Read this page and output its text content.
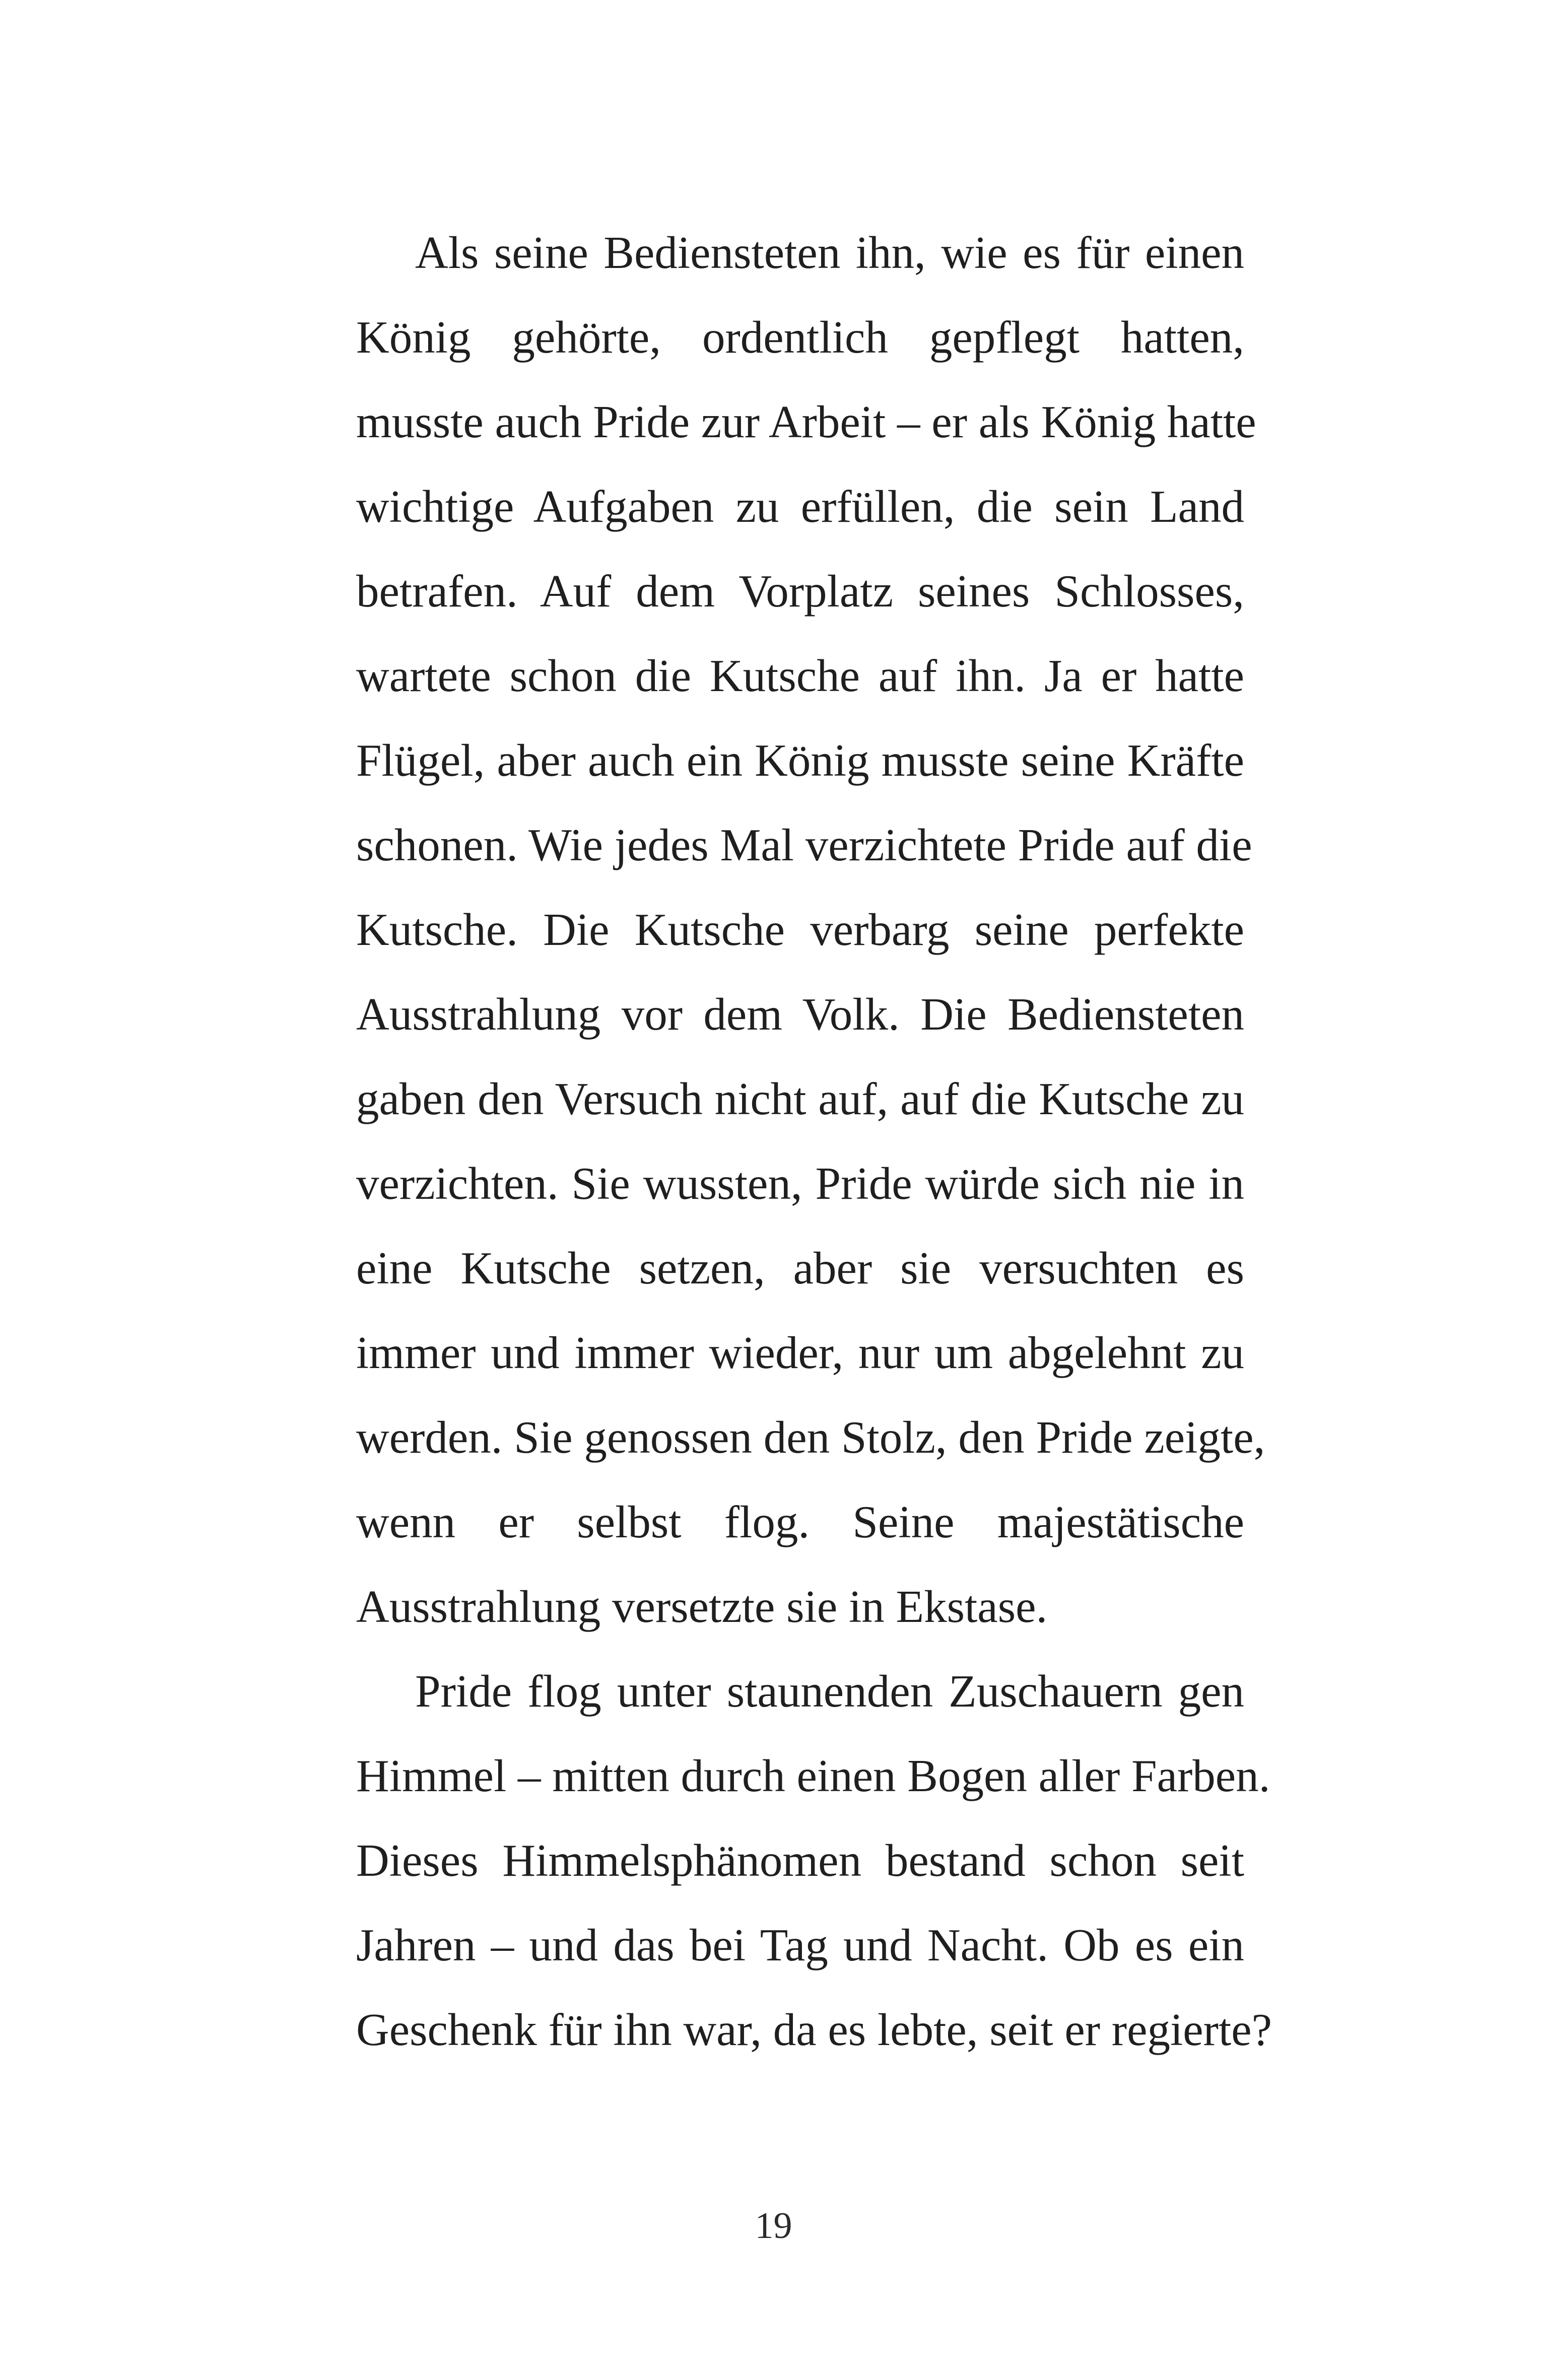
Als seine Bediensteten ihn, wie es für einen
König gehörte, ordentlich gepflegt hatten,
musste auch Pride zur Arbeit – er als König hatte
wichtige Aufgaben zu erfüllen, die sein Land
betrafen. Auf dem Vorplatz seines Schlosses,
wartete schon die Kutsche auf ihn. Ja er hatte
Flügel, aber auch ein König musste seine Kräfte
schonen. Wie jedes Mal verzichtete Pride auf die
Kutsche. Die Kutsche verbarg seine perfekte
Ausstrahlung vor dem Volk. Die Bediensteten
gaben den Versuch nicht auf, auf die Kutsche zu
verzichten. Sie wussten, Pride würde sich nie in
eine Kutsche setzen, aber sie versuchten es
immer und immer wieder, nur um abgelehnt zu
werden. Sie genossen den Stolz, den Pride zeigte,
wenn er selbst flog. Seine majestätische
Ausstrahlung versetzte sie in Ekstase.
Pride flog unter staunenden Zuschauern gen
Himmel – mitten durch einen Bogen aller Farben.
Dieses Himmelsphänomen bestand schon seit
Jahren – und das bei Tag und Nacht. Ob es ein
Geschenk für ihn war, da es lebte, seit er regierte?
19
